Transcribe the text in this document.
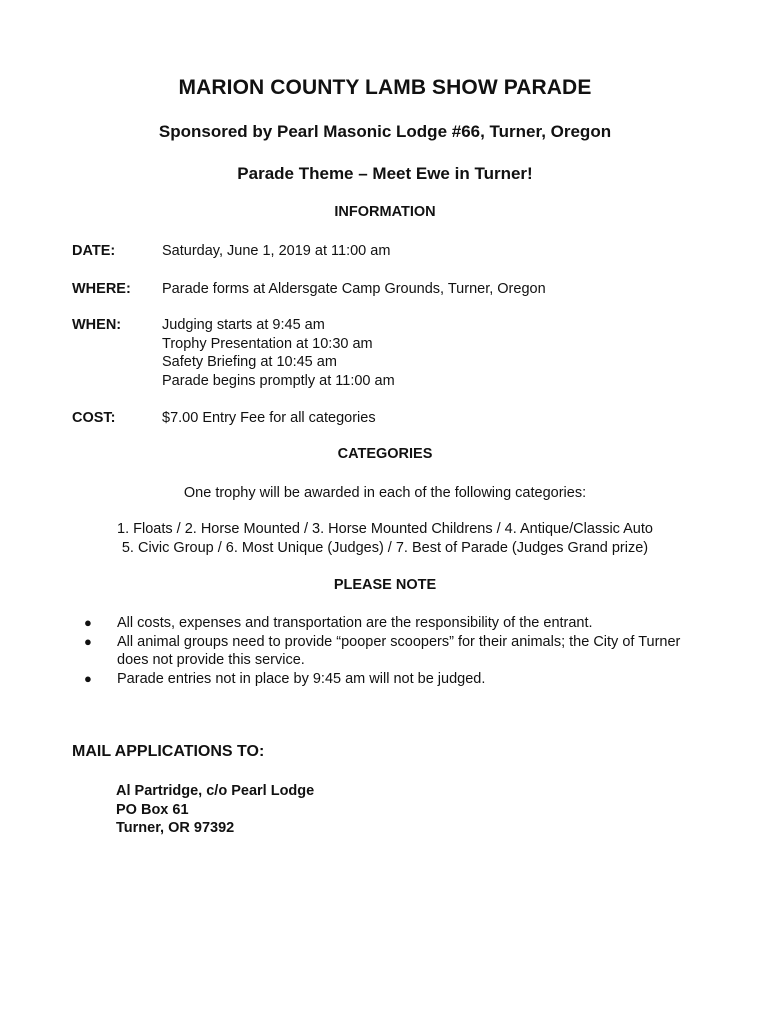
MARION COUNTY LAMB SHOW PARADE
Sponsored by Pearl Masonic Lodge #66, Turner, Oregon
Parade Theme – Meet Ewe in Turner!
INFORMATION
DATE:	Saturday, June 1, 2019 at 11:00 am
WHERE: Parade forms at Aldersgate Camp Grounds, Turner, Oregon
WHEN:	Judging starts at 9:45 am
Trophy Presentation at 10:30 am
Safety Briefing at 10:45 am
Parade begins promptly at 11:00 am
COST:	$7.00 Entry Fee for all categories
CATEGORIES
One trophy will be awarded in each of the following categories:
1. Floats / 2. Horse Mounted / 3. Horse Mounted Childrens / 4. Antique/Classic Auto
5. Civic Group / 6. Most Unique (Judges) / 7. Best of Parade (Judges Grand prize)
PLEASE NOTE
● All costs, expenses and transportation are the responsibility of the entrant.
● All animal groups need to provide “pooper scoopers” for their animals; the City of Turner does not provide this service.
● Parade entries not in place by 9:45 am will not be judged.
MAIL APPLICATIONS TO:
Al Partridge, c/o Pearl Lodge
PO Box 61
Turner, OR 97392
